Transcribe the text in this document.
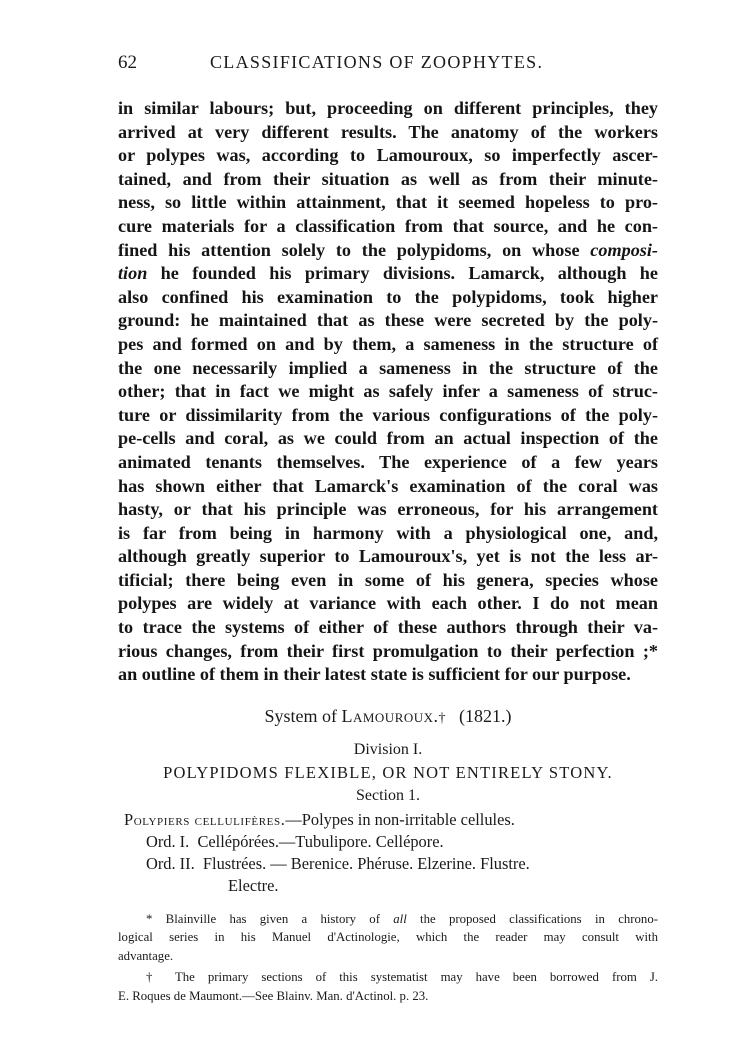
62	CLASSIFICATIONS OF ZOOPHYTES.
in similar labours; but, proceeding on different principles, they
arrived at very different results. The anatomy of the workers
or polypes was, according to Lamouroux, so imperfectly ascer-
tained, and from their situation as well as from their minute-
ness, so little within attainment, that it seemed hopeless to pro-
cure materials for a classification from that source, and he con-
fined his attention solely to the polypidoms, on whose composi-
tion he founded his primary divisions. Lamarck, although he
also confined his examination to the polypidoms, took higher
ground: he maintained that as these were secreted by the poly-
pes and formed on and by them, a sameness in the structure of
the one necessarily implied a sameness in the structure of the
other; that in fact we might as safely infer a sameness of struc-
ture or dissimilarity from the various configurations of the poly-
pe-cells and coral, as we could from an actual inspection of the
animated tenants themselves. The experience of a few years
has shown either that Lamarck's examination of the coral was
hasty, or that his principle was erroneous, for his arrangement
is far from being in harmony with a physiological one, and,
although greatly superior to Lamouroux's, yet is not the less ar-
tificial; there being even in some of his genera, species whose
polypes are widely at variance with each other. I do not mean
to trace the systems of either of these authors through their va-
rious changes, from their first promulgation to their perfection ;*
an outline of them in their latest state is sufficient for our purpose.
System of Lamouroux.† (1821.)
Division I.
POLYPIDOMS FLEXIBLE, OR NOT ENTIRELY STONY.
Section 1.
Polypiers cellulifères.—Polypes in non-irritable cellules.
Ord. I. Cellépórées.—Tubulipore. Cellépore.
Ord. II. Flustrées. — Berenice. Phéruse. Elzerine. Flustre.
Electre.
* Blainville has given a history of all the proposed classifications in chrono-
logical series in his Manuel d'Actinologie, which the reader may consult with
advantage.
† The primary sections of this systematist may have been borrowed from J.
E. Roques de Maumont.—See Blainv. Man. d'Actinol. p. 23.
